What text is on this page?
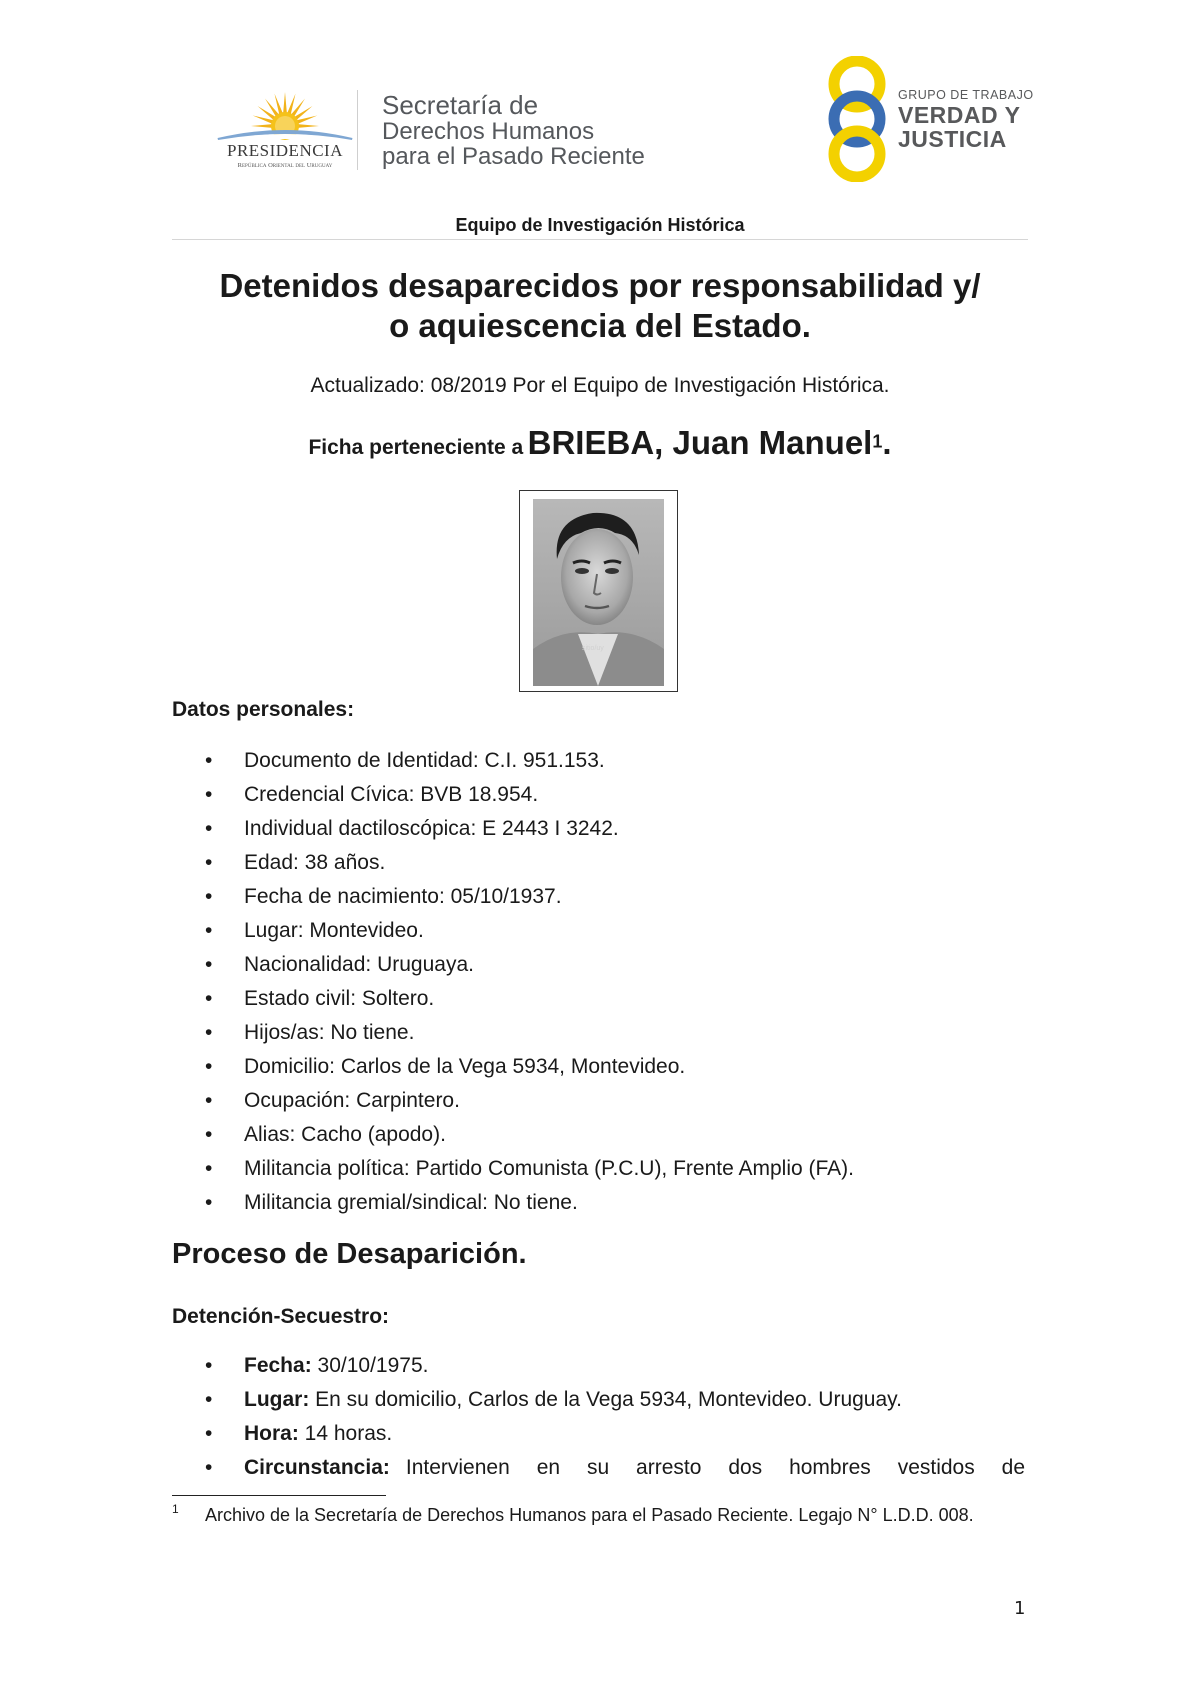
PRESIDENCIA
República Oriental del Uruguay
Secretaría de
Derechos Humanos
para el Pasado Reciente
GRUPO DE TRABAJO
VERDAD Y
JUSTICIA
Equipo de Investigación Histórica
Detenidos desaparecidos por responsabilidad y/
o aquiescencia del Estado.
Actualizado: 08/2019 Por el Equipo de Investigación Histórica.
Ficha perteneciente a BRIEBA, Juan Manuel$^1$.
sitio/uy
Datos personales:
• Documento de Identidad: C.I. 951.153.
• Credencial Cívica: BVB 18.954.
• Individual dactiloscópica: E 2443 I 3242.
• Edad: 38 años.
• Fecha de nacimiento: 05/10/1937.
• Lugar: Montevideo.
• Nacionalidad: Uruguaya.
• Estado civil: Soltero.
• Hijos/as: No tiene.
• Domicilio: Carlos de la Vega 5934, Montevideo.
• Ocupación: Carpintero.
• Alias: Cacho (apodo).
• Militancia política: Partido Comunista (P.C.U), Frente Amplio (FA).
• Militancia gremial/sindical: No tiene.
Proceso de Desaparición.
Detención-Secuestro:
• Fecha: 30/10/1975.
• Lugar: En su domicilio, Carlos de la Vega 5934, Montevideo. Uruguay.
• Hora: 14 horas.
• Circunstancia: Intervienen en su arresto dos hombres vestidos de
1 Archivo de la Secretaría de Derechos Humanos para el Pasado Reciente. Legajo N° L.D.D. 008.
1
